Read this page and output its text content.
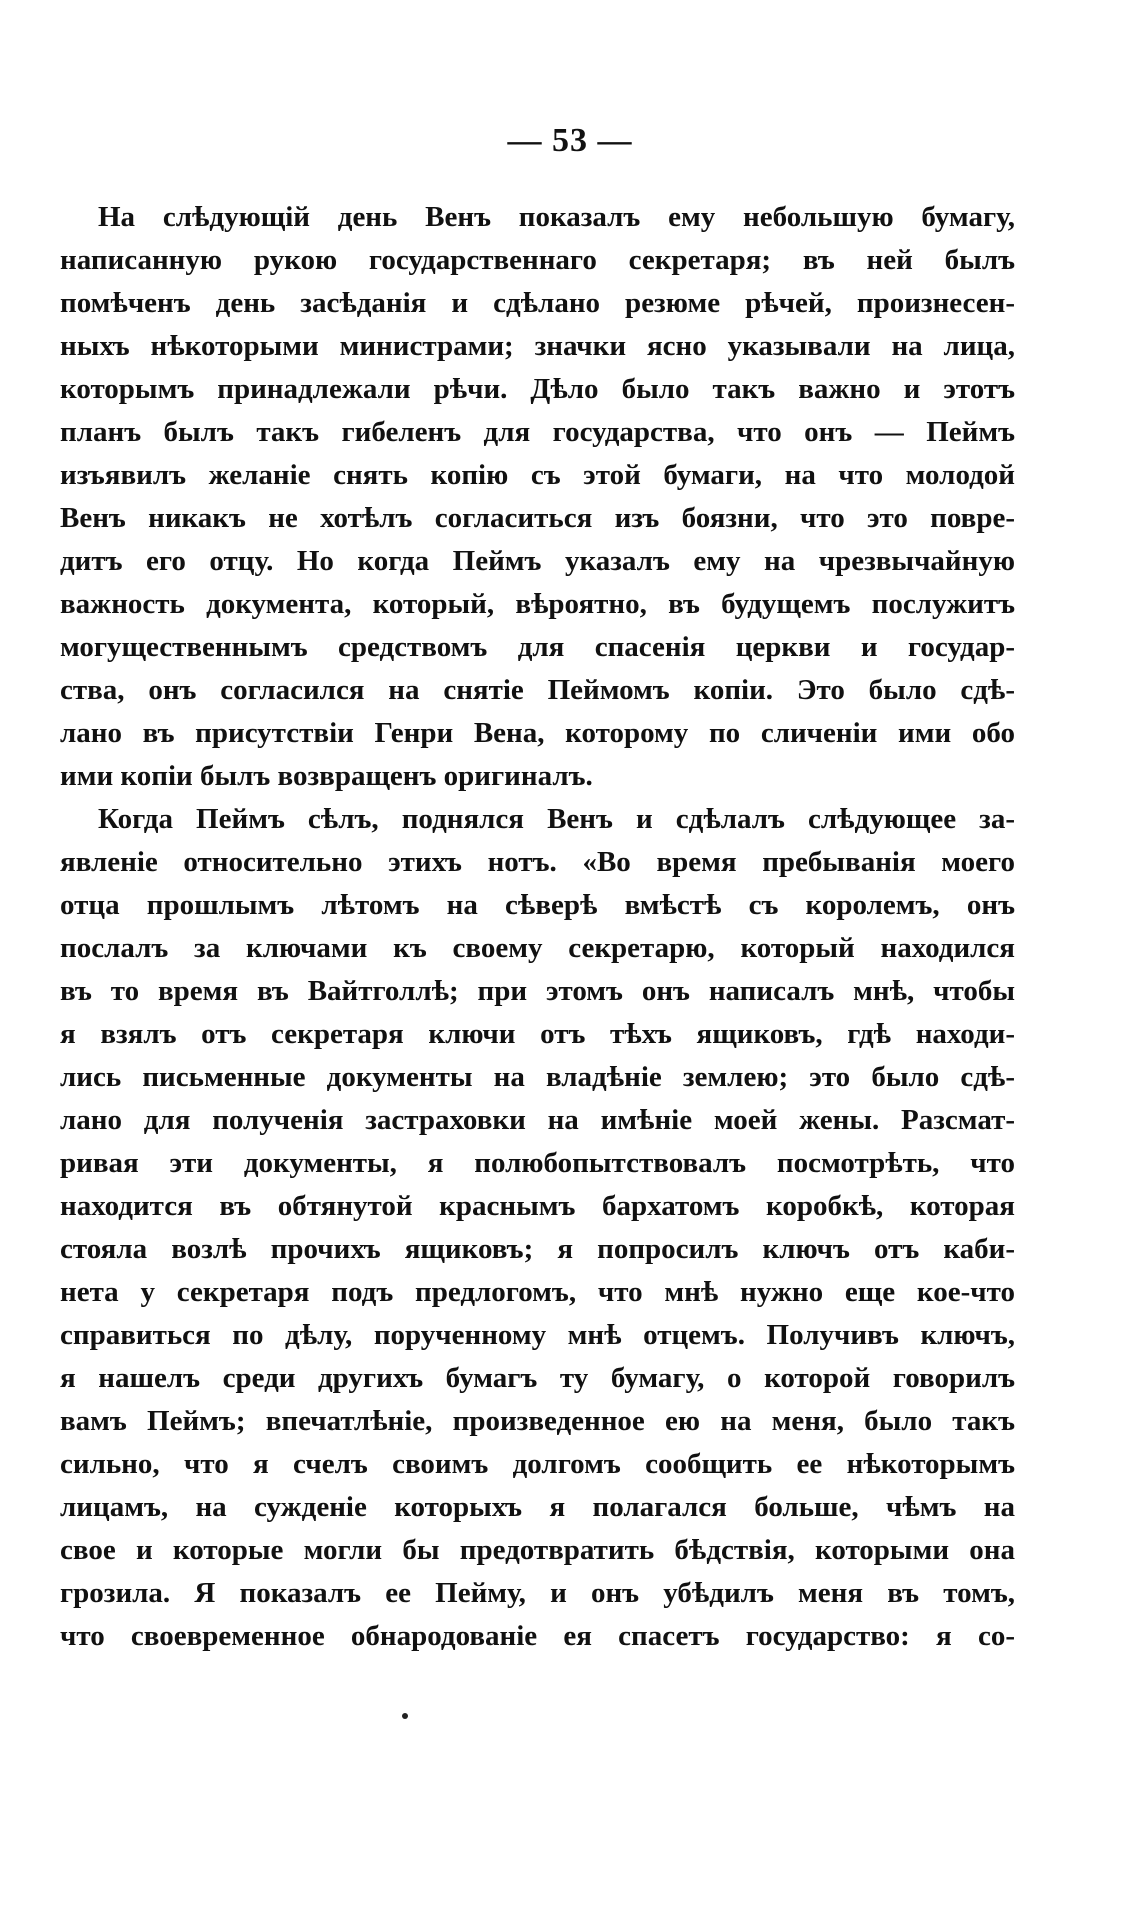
— 53 —
На слѣдующій день Венъ показалъ ему небольшую бумагу,
написанную рукою государственнаго секретаря; въ ней былъ
помѣченъ день засѣданія и сдѣлано резюме рѣчей, произнесен-
ныхъ нѣкоторыми министрами; значки ясно указывали на лица,
которымъ принадлежали рѣчи. Дѣло было такъ важно и этотъ
планъ былъ такъ гибеленъ для государства, что онъ — Пеймъ
изъявилъ желаніе снять копію съ этой бумаги, на что молодой
Венъ никакъ не хотѣлъ согласиться изъ боязни, что это повре-
дитъ его отцу. Но когда Пеймъ указалъ ему на чрезвычайную
важность документа, который, вѣроятно, въ будущемъ послужитъ
могущественнымъ средствомъ для спасенія церкви и государ-
ства, онъ согласился на снятіе Пеймомъ копіи. Это было сдѣ-
лано въ присутствіи Генри Вена, которому по сличеніи ими обо
ими копіи былъ возвращенъ оригиналъ.
Когда Пеймъ сѣлъ, поднялся Венъ и сдѣлалъ слѣдующее за-
явленіе относительно этихъ нотъ. «Во время пребыванія моего
отца прошлымъ лѣтомъ на сѣверѣ вмѣстѣ съ королемъ, онъ
послалъ за ключами къ своему секретарю, который находился
въ то время въ Вайтголлѣ; при этомъ онъ написалъ мнѣ, чтобы
я взялъ отъ секретаря ключи отъ тѣхъ ящиковъ, гдѣ находи-
лись письменные документы на владѣніе землею; это было сдѣ-
лано для полученія застраховки на имѣніе моей жены. Разсмат-
ривая эти документы, я полюбопытствовалъ посмотрѣть, что
находится въ обтянутой краснымъ бархатомъ коробкѣ, которая
стояла возлѣ прочихъ ящиковъ; я попросилъ ключъ отъ каби-
нета у секретаря подъ предлогомъ, что мнѣ нужно еще кое-что
справиться по дѣлу, порученному мнѣ отцемъ. Получивъ ключъ,
я нашелъ среди другихъ бумагъ ту бумагу, о которой говорилъ
вамъ Пеймъ; впечатлѣніе, произведенное ею на меня, было такъ
сильно, что я счелъ своимъ долгомъ сообщить ее нѣкоторымъ
лицамъ, на сужденіе которыхъ я полагался больше, чѣмъ на
свое и которые могли бы предотвратить бѣдствія, которыми она
грозила. Я показалъ ее Пейму, и онъ убѣдилъ меня въ томъ,
что своевременное обнародованіе ея спасетъ государство: я со-
